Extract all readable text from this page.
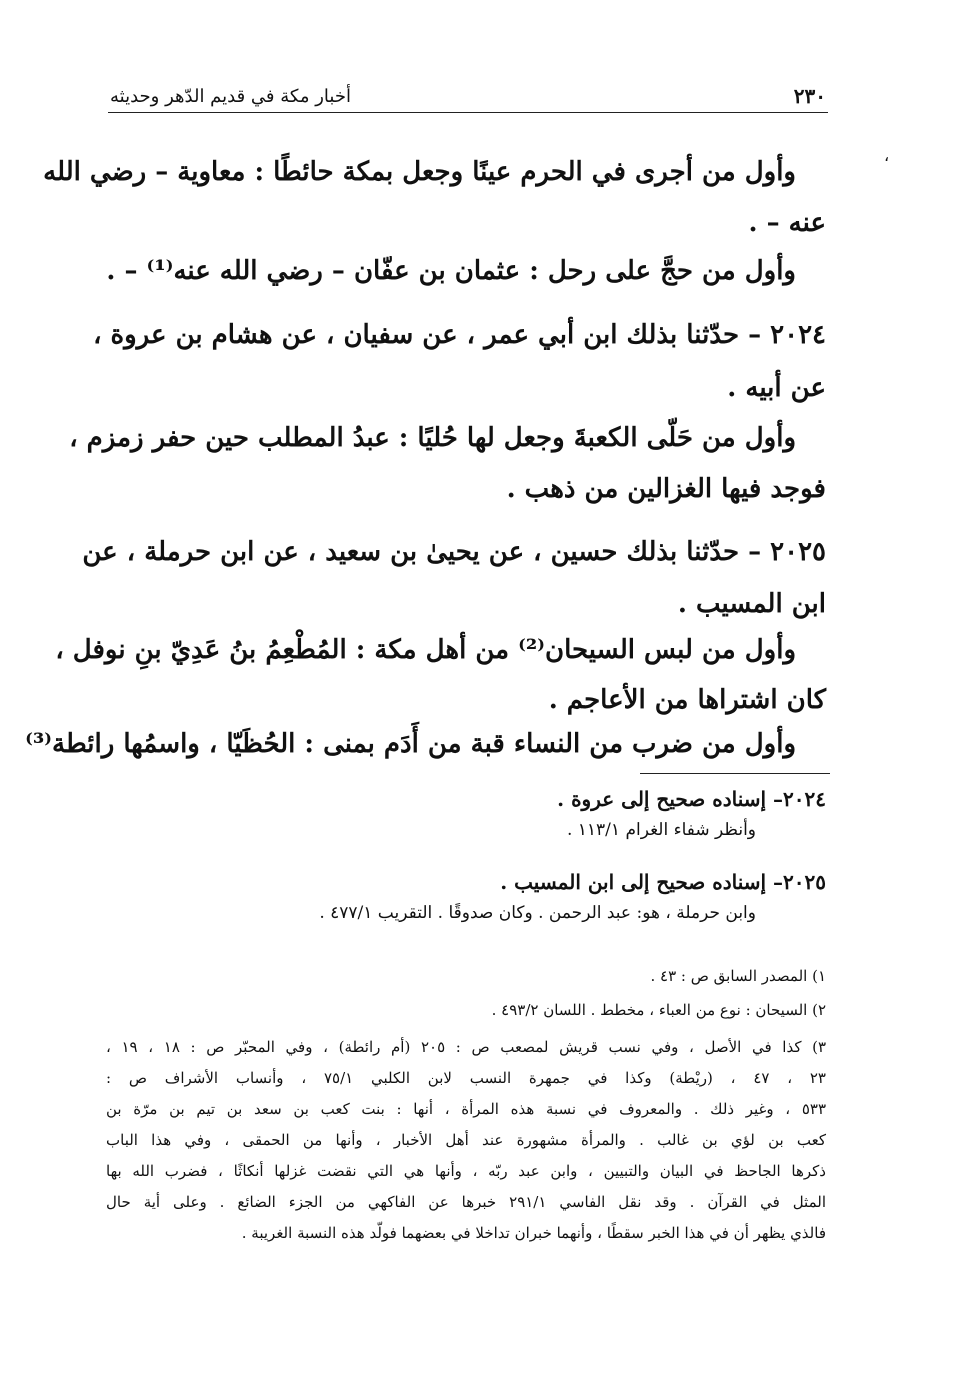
٢٣٠
أخبار مكة في قديم الدّهر وحديثه
،
وأول من أجرى في الحرم عينًا وجعل بمكة حائطًا : معاوية – رضي الله
عنه – .
وأول من حجَّ على رحل : عثمان بن عفّان – رضي الله عنه⁽¹⁾ – .
٢٠٢٤ – حدّثنا بذلك ابن أبي عمر ، عن سفيان ، عن هشام بن عروة ،
عن أبيه .
وأول من حَلّى الكعبةَ وجعل لها حُليًا : عبدُ المطلب حين حفر زمزم ،
فوجد فيها الغزالين من ذهب .
٢٠٢٥ – حدّثنا بذلك حسين ، عن يحيىٰ بن سعيد ، عن ابن حرملة ، عن
ابن المسيب .
وأول من لبس السيحان⁽²⁾ من أهل مكة : المُطْعِمُ بنُ عَدِيّ بنِ نوفل ،
كان اشتراها من الأعاجم .
وأول من ضرب من النساء قبة من أَدَم بمنى : الحُظَيّا ، واسمُها رائطة⁽³⁾
٢٠٢٤– إسناده صحيح إلى عروة .
وأنظر شفاء الغرام ١١٣/١ .
٢٠٢٥– إسناده صحيح إلى ابن المسيب .
وابن حرملة ، هو: عبد الرحمن . وكان صدوقًا . التقريب ٤٧٧/١ .
١) المصدر السابق ص : ٤٣ .
٢) السيحان : نوع من العباء ، مخطط . اللسان ٤٩٣/٢ .
٣) كذا في الأصل ، وفي نسب قريش لمصعب ص : ٢٠٥ (أم رائطة) ، وفي المحبّر ص : ١٨ ، ١٩ ،
٢٣ ، ٤٧ ، (ريْطة) وكذا في جمهرة النسب لابن الكلبي ٧٥/١ ، وأنساب الأشراف ص :
٥٣٣ ، وغير ذلك . والمعروف في نسبة هذه المرأة ، أنها : بنت كعب بن سعد بن تيم بن مرّة بن
كعب بن لؤي بن غالب . والمرأة مشهورة عند أهل الأخبار ، وأنها من الحمقى ، وفي هذا الباب
ذكرها الجاحظ في البيان والتبيين ، وابن عبد ربّه ، وأنها هي التي نقضت غزلها أنكاثًا ، فضرب الله بها
المثل في القرآن . وقد نقل الفاسي ٢٩١/١ خبرها عن الفاكهي من الجزء الضائع . وعلى أية حال
فالذي يظهر أن في هذا الخبر سقطًا ، وأنهما خبران تداخلا في بعضهما فولّد هذه النسبة الغريبة .
